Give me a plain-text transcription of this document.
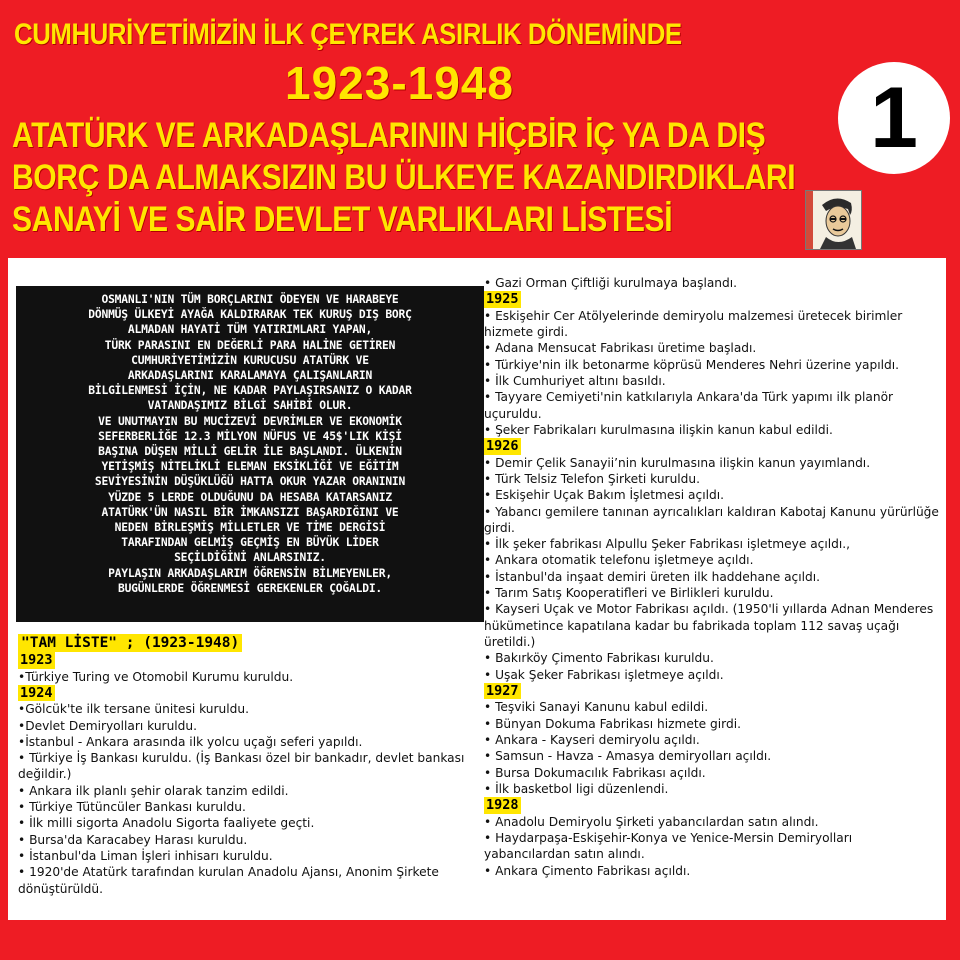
CUMHURİYETİMİZİN İLK ÇEYREK ASIRLIK DÖNEMİNDE
1923-1948
ATATÜRK VE ARKADAŞLARININ HİÇBİR İÇ YA DA DIŞ
BORÇ DA ALMAKSIZIN BU ÜLKEYE KAZANDIRDIKLARI
SANAYİ VE SAİR DEVLET VARLIKLARI LİSTESİ
1
OSMANLI'NIN TÜM BORÇLARINI ÖDEYEN VE HARABEYE
DÖNMÜŞ ÜLKEYİ AYAĞA KALDIRARAK TEK KURUŞ DIŞ BORÇ
ALMADAN HAYATİ TÜM YATIRIMLARI YAPAN,
TÜRK PARASINI EN DEĞERLİ PARA HALİNE GETİREN
CUMHURİYETİMİZİN KURUCUSU ATATÜRK VE
ARKADAŞLARINI KARALAMAYA ÇALIŞANLARIN
BİLGİLENMESİ İÇİN, NE KADAR PAYLAŞIRSANIZ O KADAR
VATANDAŞIMIZ BİLGİ SAHİBİ OLUR.
VE UNUTMAYIN BU MUCİZEVİ DEVRİMLER VE EKONOMİK
SEFERBERLİĞE 12.3 MİLYON NÜFUS VE 45$'LIK KİŞİ
BAŞINA DÜŞEN MİLLİ GELİR İLE BAŞLANDI. ÜLKENİN
YETİŞMİŞ NİTELİKLİ ELEMAN EKSİKLİĞİ VE EĞİTİM
SEVİYESİNİN DÜŞÜKLÜĞÜ HATTA OKUR YAZAR ORANININ
YÜZDE 5 LERDE OLDUĞUNU DA HESABA KATARSANIZ
ATATÜRK'ÜN NASIL BİR İMKANSIZI BAŞARDIĞINI VE
NEDEN BİRLEŞMİŞ MİLLETLER VE TİME DERGİSİ
TARAFINDAN GELMİŞ GEÇMİŞ EN BÜYÜK LİDER
SEÇİLDİĞİNİ ANLARSINIZ.
PAYLAŞIN ARKADAŞLARIM ÖĞRENSİN BİLMEYENLER,
BUGÜNLERDE ÖĞRENMESİ GEREKENLER ÇOĞALDI.
"TAM LİSTE" ; (1923-1948)
1923
•Türkiye Turing ve Otomobil Kurumu kuruldu.
1924
•Gölcük'te ilk tersane ünitesi kuruldu.
•Devlet Demiryolları kuruldu.
•İstanbul - Ankara arasında ilk yolcu uçağı seferi yapıldı.
• Türkiye İş Bankası kuruldu. (İş Bankası özel bir bankadır, devlet bankası değildir.)
• Ankara ilk planlı şehir olarak tanzim edildi.
• Türkiye Tütüncüler Bankası kuruldu.
• İlk milli sigorta Anadolu Sigorta faaliyete geçti.
• Bursa'da Karacabey Harası kuruldu.
• İstanbul'da Liman İşleri inhisarı kuruldu.
• 1920'de Atatürk tarafından kurulan Anadolu Ajansı, Anonim Şirkete dönüştürüldü.
• Gazi Orman Çiftliği kurulmaya başlandı.
1925
• Eskişehir Cer Atölyelerinde demiryolu malzemesi üretecek birimler hizmete girdi.
• Adana Mensucat Fabrikası üretime başladı.
• Türkiye'nin ilk betonarme köprüsü Menderes Nehri üzerine yapıldı.
• İlk Cumhuriyet altını basıldı.
• Tayyare Cemiyeti'nin katkılarıyla Ankara'da Türk yapımı ilk planör uçuruldu.
• Şeker Fabrikaları kurulmasına ilişkin kanun kabul edildi.
1926
• Demir Çelik Sanayii’nin kurulmasına ilişkin kanun yayımlandı.
• Türk Telsiz Telefon Şirketi kuruldu.
• Eskişehir Uçak Bakım İşletmesi açıldı.
• Yabancı gemilere tanınan ayrıcalıkları kaldıran Kabotaj Kanunu yürürlüğe girdi.
• İlk şeker fabrikası Alpullu Şeker Fabrikası işletmeye açıldı.,
• Ankara otomatik telefonu işletmeye açıldı.
• İstanbul'da inşaat demiri üreten ilk haddehane açıldı.
• Tarım Satış Kooperatifleri ve Birlikleri kuruldu.
• Kayseri Uçak ve Motor Fabrikası açıldı. (1950'li yıllarda Adnan Menderes hükümetince kapatılana kadar bu fabrikada toplam 112 savaş uçağı üretildi.)
• Bakırköy Çimento Fabrikası kuruldu.
• Uşak Şeker Fabrikası işletmeye açıldı.
1927
• Teşviki Sanayi Kanunu kabul edildi.
• Bünyan Dokuma Fabrikası hizmete girdi.
• Ankara - Kayseri demiryolu açıldı.
• Samsun - Havza - Amasya demiryolları açıldı.
• Bursa Dokumacılık Fabrikası açıldı.
• İlk basketbol ligi düzenlendi.
1928
• Anadolu Demiryolu Şirketi yabancılardan satın alındı.
• Haydarpaşa-Eskişehir-Konya ve Yenice-Mersin Demiryolları yabancılardan satın alındı.
• Ankara Çimento Fabrikası açıldı.
